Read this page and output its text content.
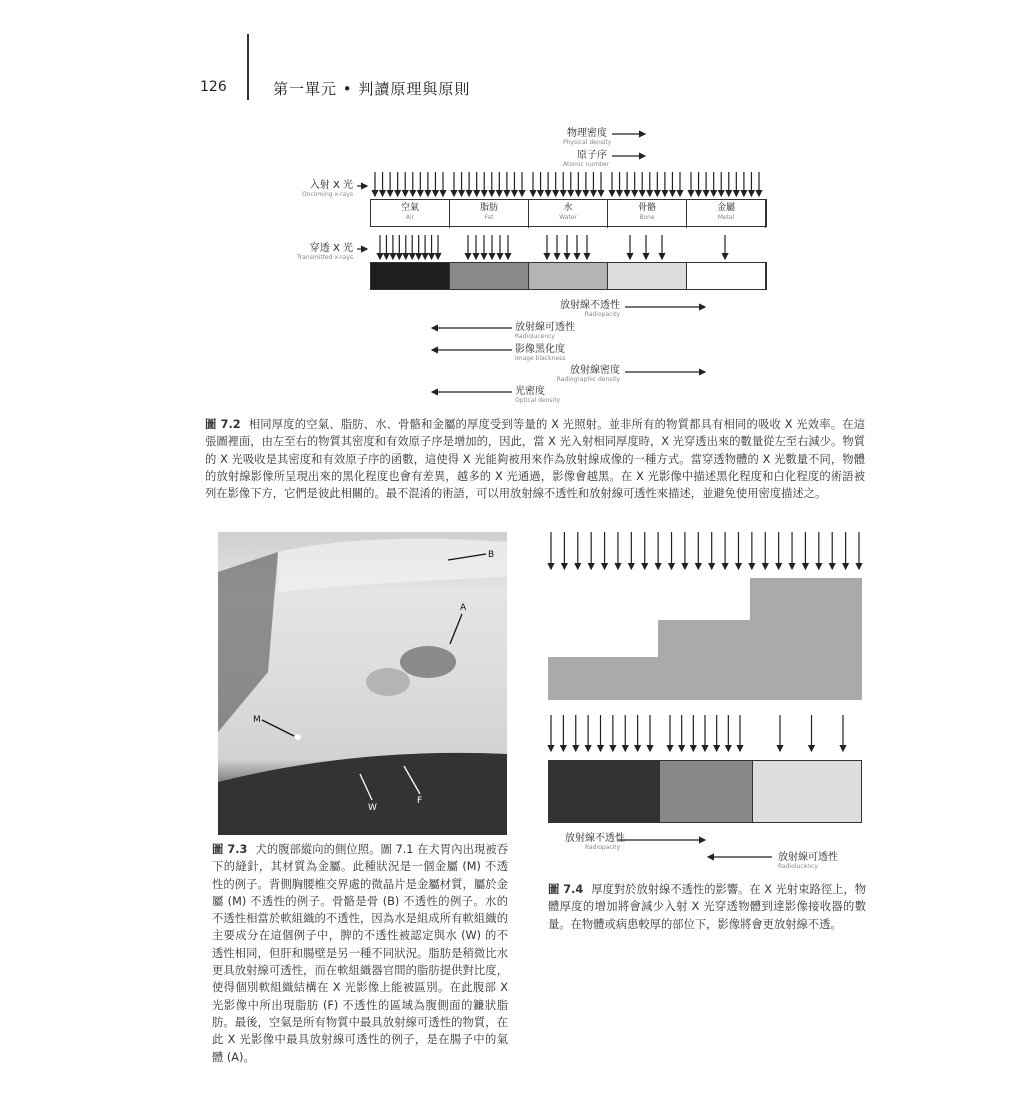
126	第一單元 • 判讀原理與原則
物理密度
Physical density
原子序
Atomic number
入射 X 光
Oncoming x-rays
穿透 X 光
Transmitted x-rays
空氣
Air
脂肪
Fat
水
Water
骨骼
Bone
金屬
Metal
放射線不透性
Radiopacity
放射線可透性
Radiolucency
影像黑化度
Image blackness
放射線密度
Radiographic density
光密度
Optical density
圖 7.2 相同厚度的空氣、脂肪、水、骨骼和金屬的厚度受到等量的 X 光照射。並非所有的物質都具有相同的吸收 X 光效率。在這張圖裡面，由左至右的物質其密度和有效原子序是增加的，因此，當 X 光入射相同厚度時，X 光穿透出來的數量從左至右減少。物質的 X 光吸收是其密度和有效原子序的函數，這使得 X 光能夠被用來作為放射線成像的一種方式。當穿透物體的 X 光數量不同，物體的放射線影像所呈現出來的黑化程度也會有差異，越多的 X 光通過，影像會越黑。在 X 光影像中描述黑化程度和白化程度的術語被列在影像下方，它們是彼此相關的。最不混淆的術語，可以用放射線不透性和放射線可透性來描述，並避免使用密度描述之。
B
A
M
W
F
圖 7.3 犬的腹部縱向的側位照。圖 7.1 在犬胃內出現被吞下的縫針，其材質為金屬。此種狀況是一個金屬 (M) 不透性的例子。背側胸腰椎交界處的微晶片是金屬材質，屬於金屬 (M) 不透性的例子。骨骼是骨 (B) 不透性的例子。水的不透性相當於軟組織的不透性，因為水是組成所有軟組織的主要成分在這個例子中，脾的不透性被認定與水 (W) 的不透性相同，但肝和腸壁是另一種不同狀況。脂肪是稍微比水更具放射線可透性，而在軟組織器官間的脂肪提供對比度，使得個別軟組織結構在 X 光影像上能被區別。在此腹部 X 光影像中所出現脂肪 (F) 不透性的區域為腹側面的鐮狀脂肪。最後，空氣是所有物質中最具放射線可透性的物質，在此 X 光影像中最具放射線可透性的例子，是在腸子中的氣體 (A)。
放射線不透性
Radiopacity
放射線可透性
Radiolucency
圖 7.4 厚度對於放射線不透性的影響。在 X 光射束路徑上，物體厚度的增加將會減少入射 X 光穿透物體到達影像接收器的數量。在物體或病患較厚的部位下，影像將會更放射線不透。
